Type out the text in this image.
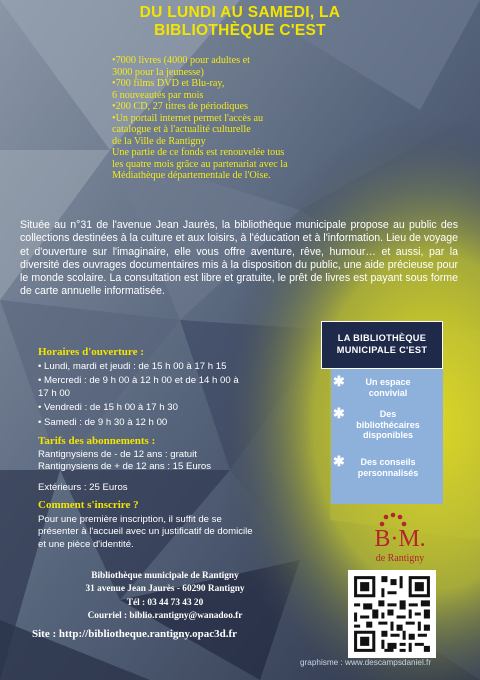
DU LUNDI AU SAMEDI, LA
BIBLIOTHÈQUE C'EST
•7000 livres (4000 pour adultes et
3000 pour la jeunesse)
•700 films DVD et Blu-ray,
6 nouveautés par mois
•200 CD, 27 titres de périodiques
•Un portail internet permet l'accès au
catalogue et à l'actualité culturelle
de la Ville de Rantigny
Une partie de ce fonds est renouvelée tous
les quatre mois grâce au partenariat avec la
Médiathèque départementale de l'Oise.
Située au n°31 de l'avenue Jean Jaurès, la bibliothèque municipale propose au public des collections destinées à la culture et aux loisirs, à l'éducation et à l'information. Lieu de voyage et d'ouverture sur l'imaginaire, elle vous offre aventure, rêve, humour… et aussi, par la diversité des ouvrages documentaires mis à la disposition du public, une aide précieuse pour le monde scolaire. La consultation est libre et gratuite, le prêt de livres est payant sous forme de carte annuelle informatisée.
Horaires d'ouverture :
• Lundi, mardi et jeudi : de 15 h 00 à 17 h 15
• Mercredi : de 9 h 00 à 12 h 00 et de 14 h 00 à
17 h 00
• Vendredi : de 15 h 00 à 17 h 30
• Samedi : de 9 h 30 à 12 h 00
Tarifs des abonnements :
Rantignysiens de - de 12 ans : gratuit
Rantignysiens de + de 12 ans : 15 Euros
Extérieurs : 25 Euros
Comment s'inscrire ?
Pour une première inscription, il suffit de se
présenter à l'accueil avec un justificatif de domicile
et une pièce d'identité.
Bibliothèque municipale de Rantigny
31 avenue Jean Jaurès - 60290 Rantigny
Tél : 03 44 73 43 20
Courriel : biblio.rantigny@wanadoo.fr
Site : http://bibliotheque.rantigny.opac3d.fr
LA BIBLIOTHÈQUE
MUNICIPALE C'EST
✱	Un espace
convivial
✱	Des
bibliothécaires
disponibles
✱	Des conseils
personnalisés
B·M.
de Rantigny
graphisme : www.descampsdaniel.fr
